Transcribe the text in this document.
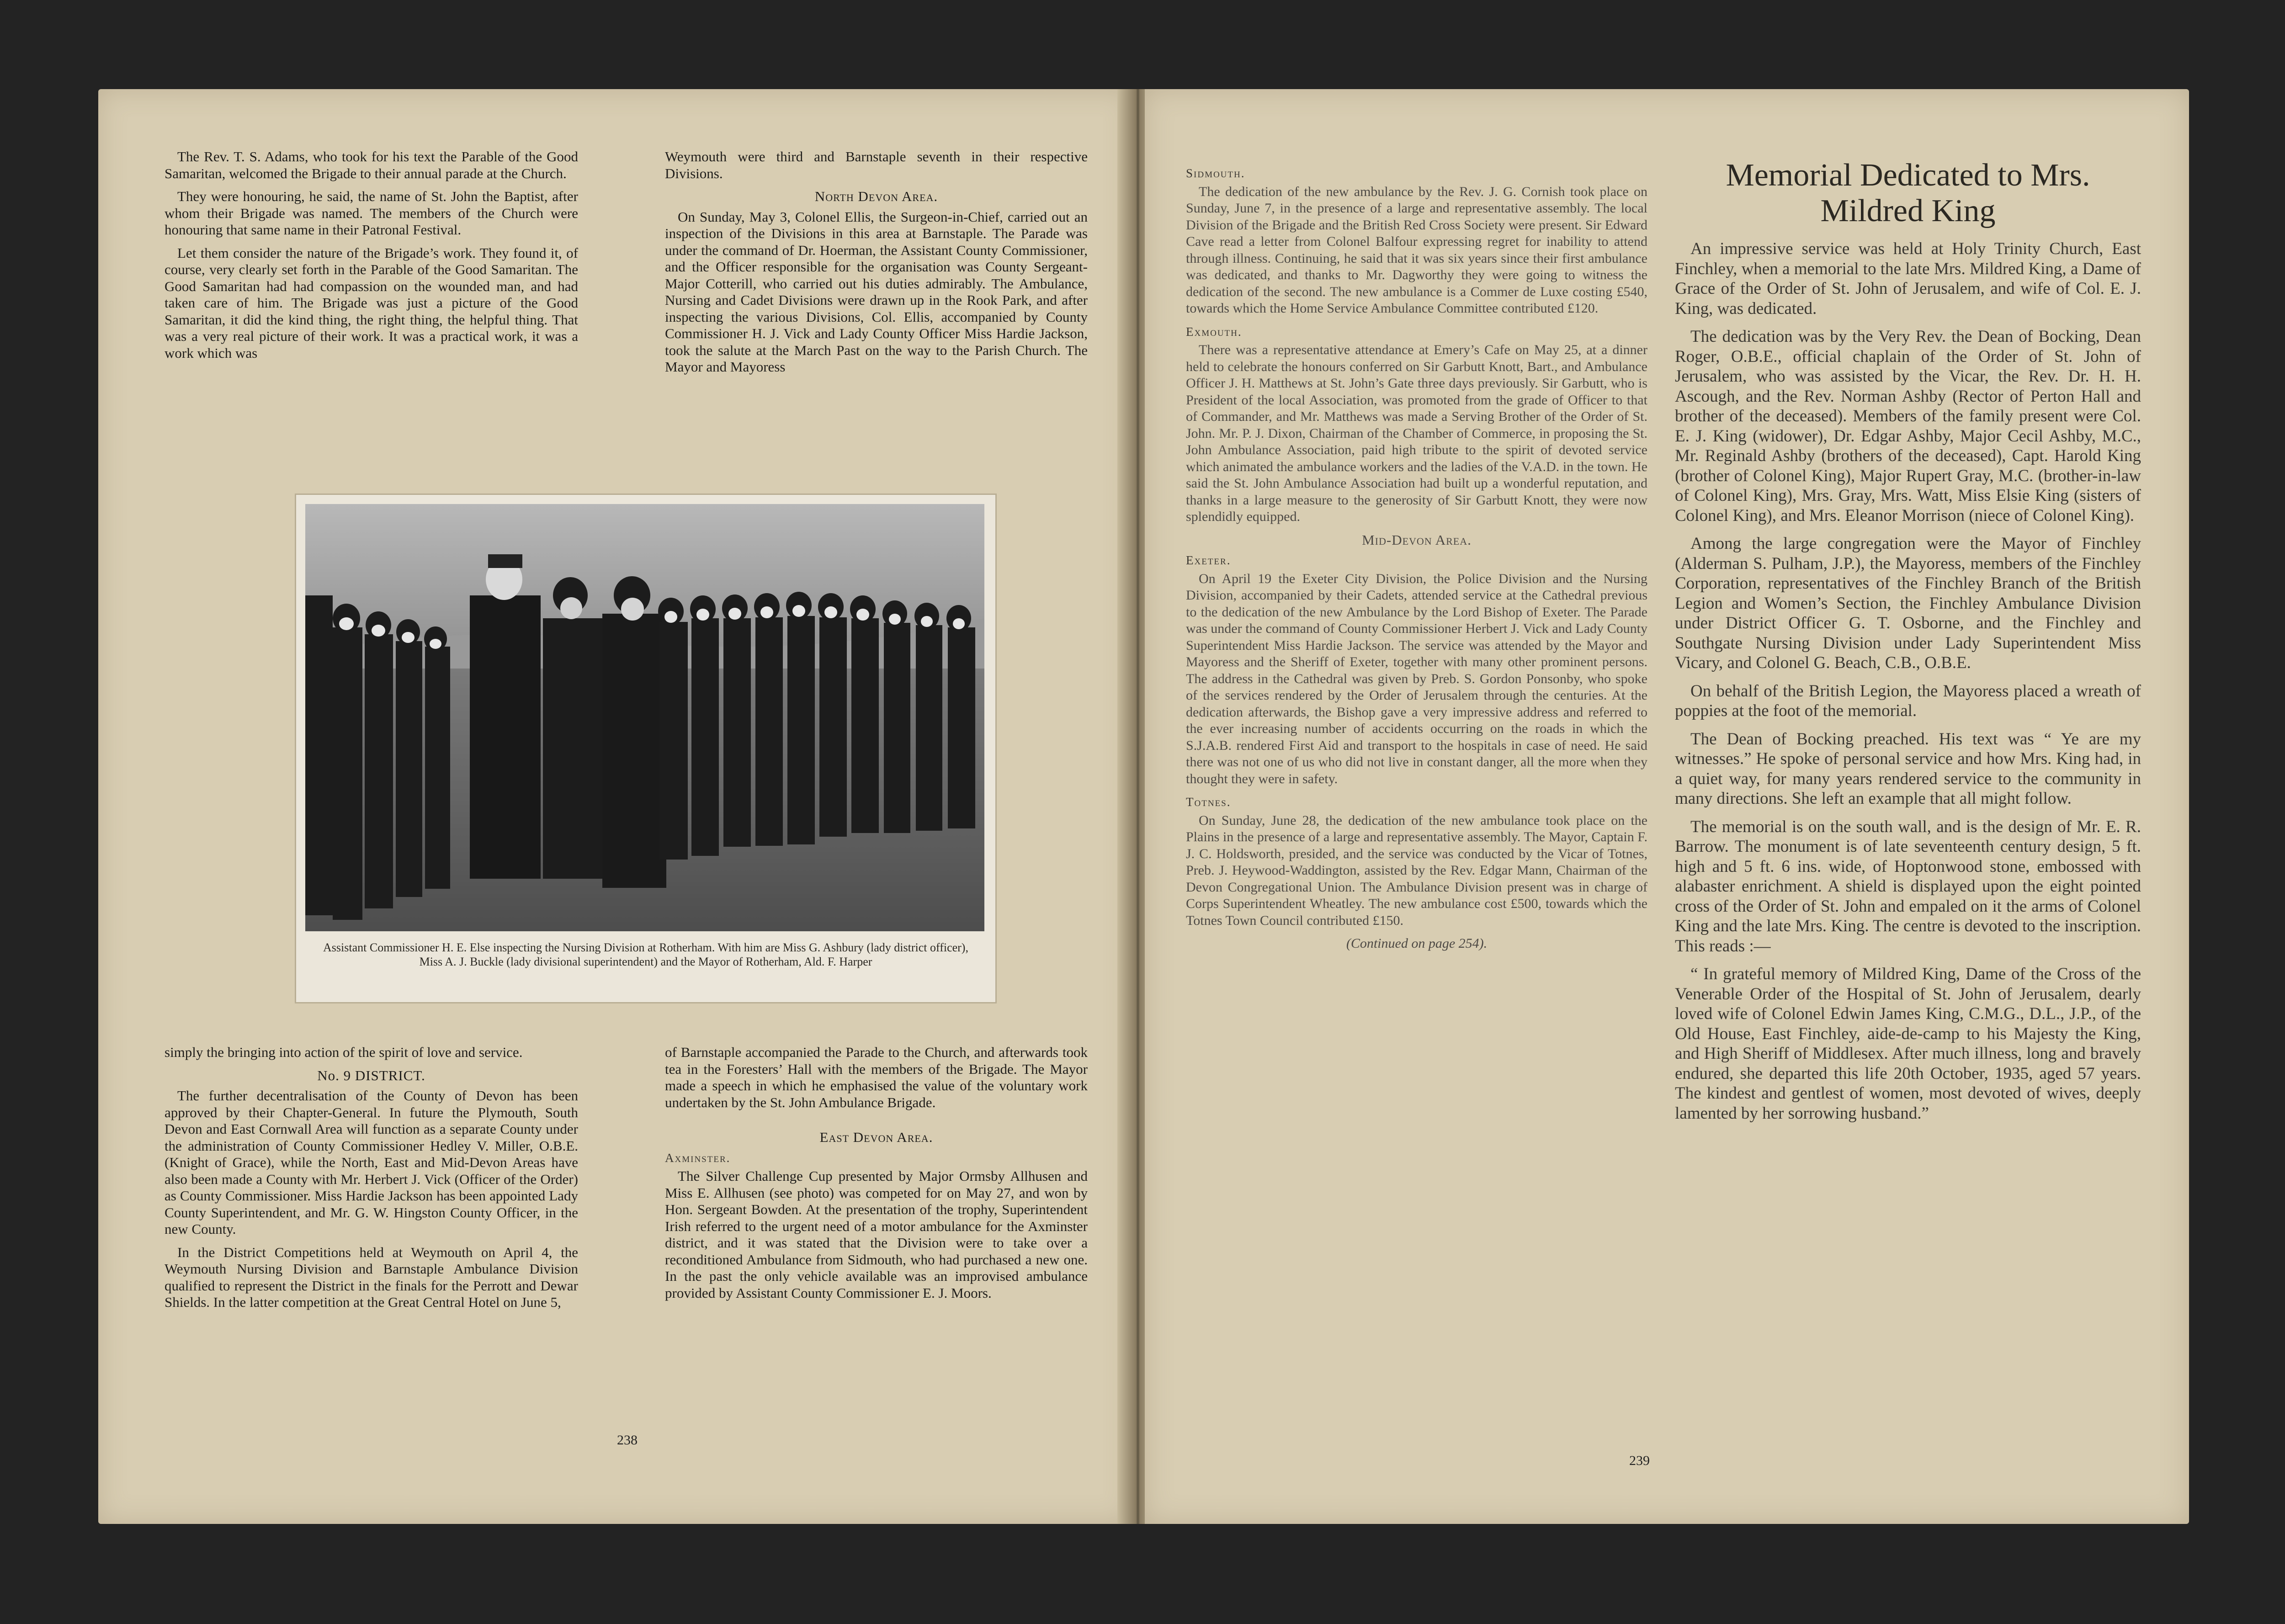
The Rev. T. S. Adams, who took for his text the Parable of the Good Samaritan, welcomed the Brigade to their annual parade at the Church.

They were honouring, he said, the name of St. John the Baptist, after whom their Brigade was named. The members of the Church were honouring that same name in their Patronal Festival.

Let them consider the nature of the Brigade’s work. They found it, of course, very clearly set forth in the Parable of the Good Samaritan. The Good Samaritan had had compassion on the wounded man, and had taken care of him. The Brigade was just a picture of the Good Samaritan, it did the kind thing, the right thing, the helpful thing. That was a very real picture of their work. It was a practical work, it was a work which was

Weymouth were third and Barnstaple seventh in their respective Divisions.

North Devon Area.

On Sunday, May 3, Colonel Ellis, the Surgeon-in-Chief, carried out an inspection of the Divisions in this area at Barnstaple. The Parade was under the command of Dr. Hoerman, the Assistant County Commissioner, and the Officer responsible for the organisation was County Sergeant-Major Cotterill, who carried out his duties admirably. The Ambulance, Nursing and Cadet Divisions were drawn up in the Rook Park, and after inspecting the various Divisions, Col. Ellis, accompanied by County Commissioner H. J. Vick and Lady County Officer Miss Hardie Jackson, took the salute at the March Past on the way to the Parish Church. The Mayor and Mayoress

Assistant Commissioner H. E. Else inspecting the Nursing Division at Rotherham. With him are Miss G. Ashbury (lady district officer), Miss A. J. Buckle (lady divisional superintendent) and the Mayor of Rotherham, Ald. F. Harper

simply the bringing into action of the spirit of love and service.

No. 9 DISTRICT.

The further decentralisation of the County of Devon has been approved by their Chapter-General. In future the Plymouth, South Devon and East Cornwall Area will function as a separate County under the administration of County Commissioner Hedley V. Miller, O.B.E. (Knight of Grace), while the North, East and Mid-Devon Areas have also been made a County with Mr. Herbert J. Vick (Officer of the Order) as County Commissioner. Miss Hardie Jackson has been appointed Lady County Superintendent, and Mr. G. W. Hingston County Officer, in the new County.

In the District Competitions held at Weymouth on April 4, the Weymouth Nursing Division and Barnstaple Ambulance Division qualified to represent the District in the finals for the Perrott and Dewar Shields. In the latter competition at the Great Central Hotel on June 5,

of Barnstaple accompanied the Parade to the Church, and afterwards took tea in the Foresters’ Hall with the members of the Brigade. The Mayor made a speech in which he emphasised the value of the voluntary work undertaken by the St. John Ambulance Brigade.

East Devon Area.
Axminster.

The Silver Challenge Cup presented by Major Ormsby Allhusen and Miss E. Allhusen (see photo) was competed for on May 27, and won by Hon. Sergeant Bowden. At the presentation of the trophy, Superintendent Irish referred to the urgent need of a motor ambulance for the Axminster district, and it was stated that the Division were to take over a reconditioned Ambulance from Sidmouth, who had purchased a new one. In the past the only vehicle available was an improvised ambulance provided by Assistant County Commissioner E. J. Moors.

238
Sidmouth.

The dedication of the new ambulance by the Rev. J. G. Cornish took place on Sunday, June 7, in the presence of a large and representative assembly. The local Division of the Brigade and the British Red Cross Society were present. Sir Edward Cave read a letter from Colonel Balfour expressing regret for inability to attend through illness. Continuing, he said that it was six years since their first ambulance was dedicated, and thanks to Mr. Dagworthy they were going to witness the dedication of the second. The new ambulance is a Commer de Luxe costing £540, towards which the Home Service Ambulance Committee contributed £120.

Exmouth.

There was a representative attendance at Emery’s Cafe on May 25, at a dinner held to celebrate the honours conferred on Sir Garbutt Knott, Bart., and Ambulance Officer J. H. Matthews at St. John’s Gate three days previously. Sir Garbutt, who is President of the local Association, was promoted from the grade of Officer to that of Commander, and Mr. Matthews was made a Serving Brother of the Order of St. John. Mr. P. J. Dixon, Chairman of the Chamber of Commerce, in proposing the St. John Ambulance Association, paid high tribute to the spirit of devoted service which animated the ambulance workers and the ladies of the V.A.D. in the town. He said the St. John Ambulance Association had built up a wonderful reputation, and thanks in a large measure to the generosity of Sir Garbutt Knott, they were now splendidly equipped.

Mid-Devon Area.
Exeter.

On April 19 the Exeter City Division, the Police Division and the Nursing Division, accompanied by their Cadets, attended service at the Cathedral previous to the dedication of the new Ambulance by the Lord Bishop of Exeter. The Parade was under the command of County Commissioner Herbert J. Vick and Lady County Superintendent Miss Hardie Jackson. The service was attended by the Mayor and Mayoress and the Sheriff of Exeter, together with many other prominent persons. The address in the Cathedral was given by Preb. S. Gordon Ponsonby, who spoke of the services rendered by the Order of Jerusalem through the centuries. At the dedication afterwards, the Bishop gave a very impressive address and referred to the ever increasing number of accidents occurring on the roads in which the S.J.A.B. rendered First Aid and transport to the hospitals in case of need. He said there was not one of us who did not live in constant danger, all the more when they thought they were in safety.

Totnes.

On Sunday, June 28, the dedication of the new ambulance took place on the Plains in the presence of a large and representative assembly. The Mayor, Captain F. J. C. Holdsworth, presided, and the service was conducted by the Vicar of Totnes, Preb. J. Heywood-Waddington, assisted by the Rev. Edgar Mann, Chairman of the Devon Congregational Union. The Ambulance Division present was in charge of Corps Superintendent Wheatley. The new ambulance cost £500, towards which the Totnes Town Council contributed £150.

(Continued on page 254).

Memorial Dedicated to Mrs. Mildred King

An impressive service was held at Holy Trinity Church, East Finchley, when a memorial to the late Mrs. Mildred King, a Dame of Grace of the Order of St. John of Jerusalem, and wife of Col. E. J. King, was dedicated.

The dedication was by the Very Rev. the Dean of Bocking, Dean Roger, O.B.E., official chaplain of the Order of St. John of Jerusalem, who was assisted by the Vicar, the Rev. Dr. H. H. Ascough, and the Rev. Norman Ashby (Rector of Perton Hall and brother of the deceased). Members of the family present were Col. E. J. King (widower), Dr. Edgar Ashby, Major Cecil Ashby, M.C., Mr. Reginald Ashby (brothers of the deceased), Capt. Harold King (brother of Colonel King), Major Rupert Gray, M.C. (brother-in-law of Colonel King), Mrs. Gray, Mrs. Watt, Miss Elsie King (sisters of Colonel King), and Mrs. Eleanor Morrison (niece of Colonel King).

Among the large congregation were the Mayor of Finchley (Alderman S. Pulham, J.P.), the Mayoress, members of the Finchley Corporation, representatives of the Finchley Branch of the British Legion and Women’s Section, the Finchley Ambulance Division under District Officer G. T. Osborne, and the Finchley and Southgate Nursing Division under Lady Superintendent Miss Vicary, and Colonel G. Beach, C.B., O.B.E.

On behalf of the British Legion, the Mayoress placed a wreath of poppies at the foot of the memorial.

The Dean of Bocking preached. His text was “ Ye are my witnesses.” He spoke of personal service and how Mrs. King had, in a quiet way, for many years rendered service to the community in many directions. She left an example that all might follow.

The memorial is on the south wall, and is the design of Mr. E. R. Barrow. The monument is of late seventeenth century design, 5 ft. high and 5 ft. 6 ins. wide, of Hoptonwood stone, embossed with alabaster enrichment. A shield is displayed upon the eight pointed cross of the Order of St. John and empaled on it the arms of Colonel King and the late Mrs. King. The centre is devoted to the inscription. This reads :—

“ In grateful memory of Mildred King, Dame of the Cross of the Venerable Order of the Hospital of St. John of Jerusalem, dearly loved wife of Colonel Edwin James King, C.M.G., D.L., J.P., of the Old House, East Finchley, aide-de-camp to his Majesty the King, and High Sheriff of Middlesex. After much illness, long and bravely endured, she departed this life 20th October, 1935, aged 57 years. The kindest and gentlest of women, most devoted of wives, deeply lamented by her sorrowing husband.”

239
